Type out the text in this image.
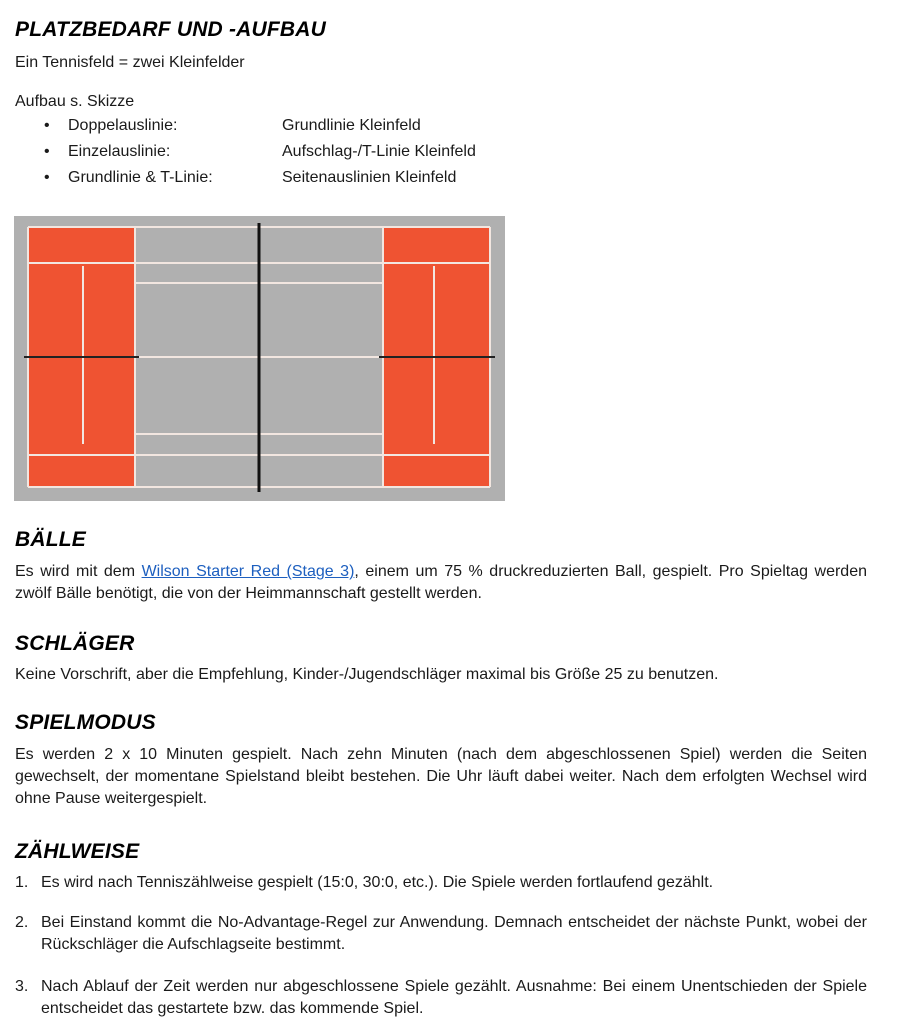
PLATZBEDARF UND -AUFBAU

Ein Tennisfeld = zwei Kleinfelder

Aufbau s. Skizze

• Doppelauslinie:	Grundlinie Kleinfeld
• Einzelauslinie:	Aufschlag-/T-Linie Kleinfeld
• Grundlinie & T-Linie:	Seitenauslinien Kleinfeld
BÄLLE

Es wird mit dem Wilson Starter Red (Stage 3), einem um 75 % druckreduzierten Ball, gespielt. Pro Spieltag werden zwölf Bälle benötigt, die von der Heimmannschaft gestellt werden.

SCHLÄGER

Keine Vorschrift, aber die Empfehlung, Kinder-/Jugendschläger maximal bis Größe 25 zu benutzen.

SPIELMODUS

Es werden 2 x 10 Minuten gespielt. Nach zehn Minuten (nach dem abgeschlossenen Spiel) werden die Seiten gewechselt, der momentane Spielstand bleibt bestehen. Die Uhr läuft dabei weiter. Nach dem erfolgten Wechsel wird ohne Pause weitergespielt.

ZÄHLWEISE
1. Es wird nach Tenniszählweise gespielt (15:0, 30:0, etc.). Die Spiele werden fortlaufend gezählt.
2. Bei Einstand kommt die No-Advantage-Regel zur Anwendung. Demnach entscheidet der nächste Punkt, wobei der Rückschläger die Aufschlagseite bestimmt.
3. Nach Ablauf der Zeit werden nur abgeschlossene Spiele gezählt. Ausnahme: Bei einem Unentschieden der Spiele entscheidet das gestartete bzw. das kommende Spiel.
